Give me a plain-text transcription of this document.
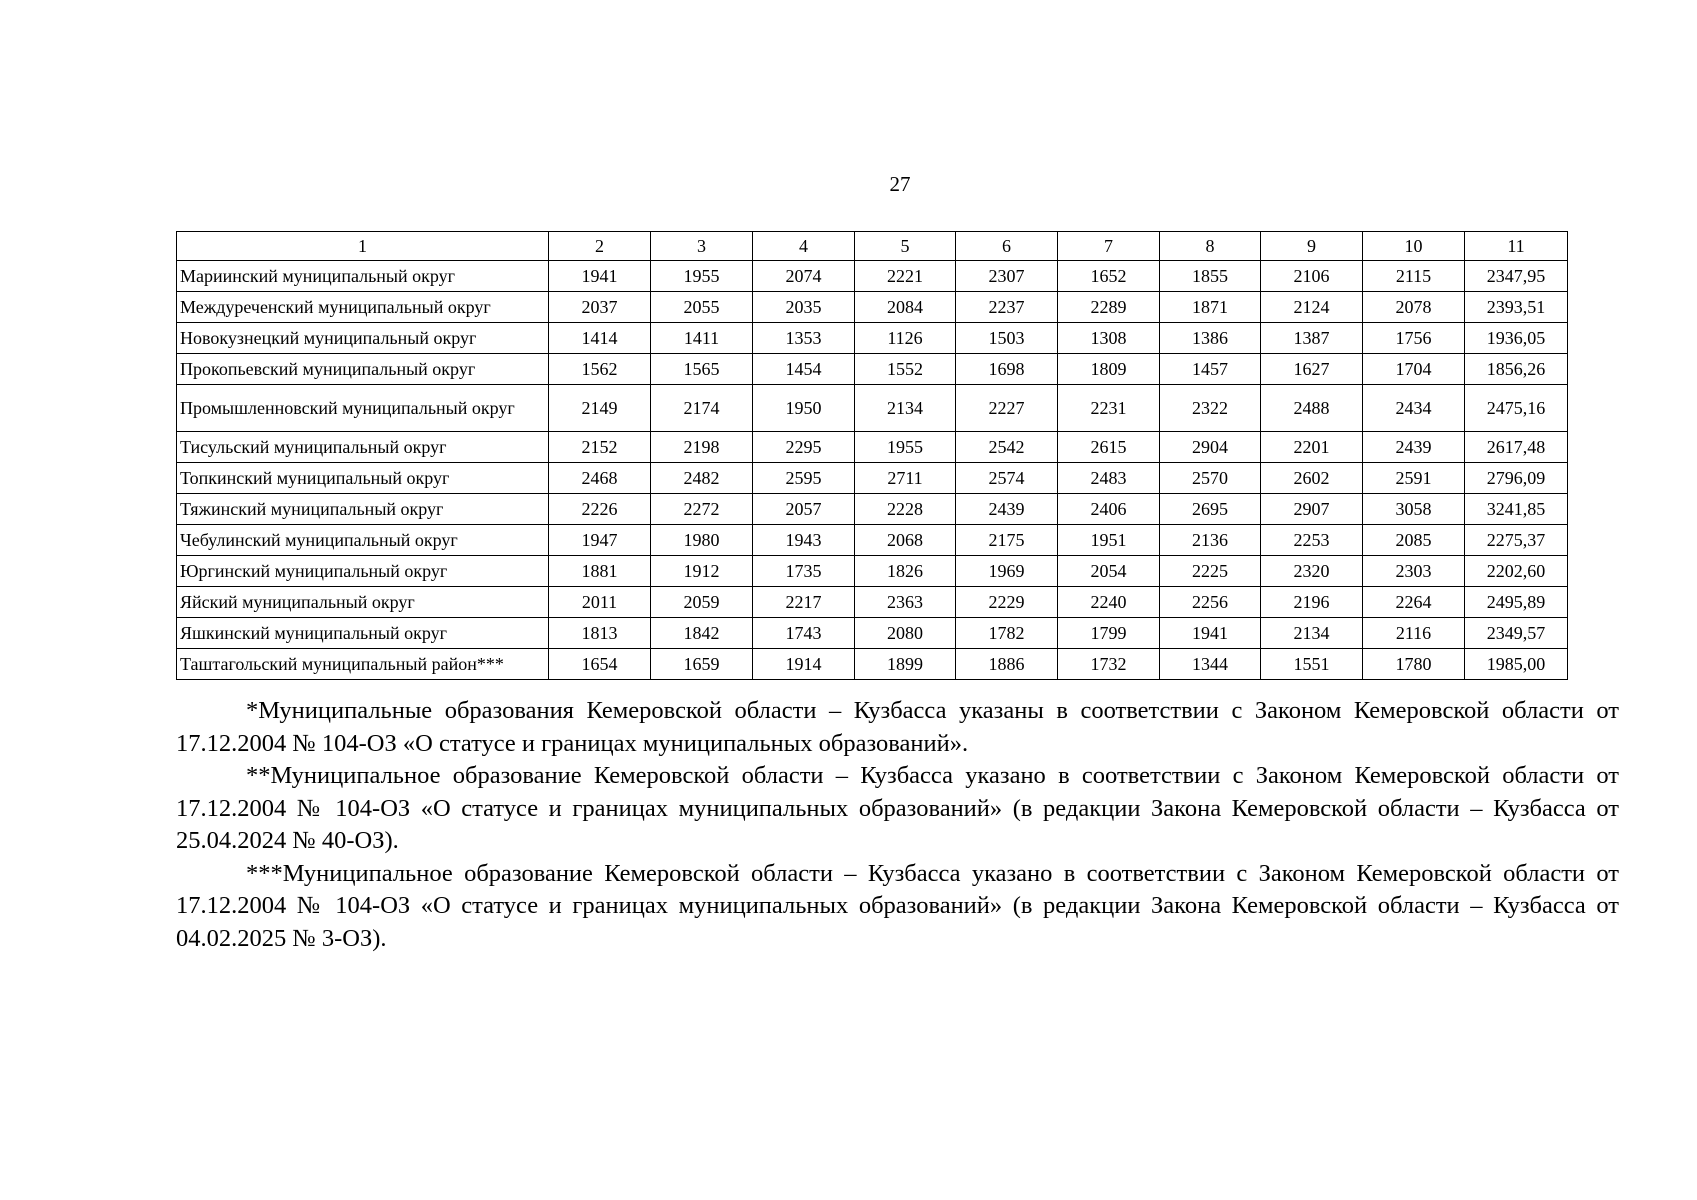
27
1	2	3	4	5	6	7	8	9	10	11
Мариинский муниципальный округ	1941	1955	2074	2221	2307	1652	1855	2106	2115	2347,95
Междуреченский муниципальный округ	2037	2055	2035	2084	2237	2289	1871	2124	2078	2393,51
Новокузнецкий муниципальный округ	1414	1411	1353	1126	1503	1308	1386	1387	1756	1936,05
Прокопьевский муниципальный округ	1562	1565	1454	1552	1698	1809	1457	1627	1704	1856,26
Промышленновский муниципальный округ	2149	2174	1950	2134	2227	2231	2322	2488	2434	2475,16
Тисульский муниципальный округ	2152	2198	2295	1955	2542	2615	2904	2201	2439	2617,48
Топкинский муниципальный округ	2468	2482	2595	2711	2574	2483	2570	2602	2591	2796,09
Тяжинский муниципальный округ	2226	2272	2057	2228	2439	2406	2695	2907	3058	3241,85
Чебулинский муниципальный округ	1947	1980	1943	2068	2175	1951	2136	2253	2085	2275,37
Юргинский муниципальный округ	1881	1912	1735	1826	1969	2054	2225	2320	2303	2202,60
Яйский муниципальный округ	2011	2059	2217	2363	2229	2240	2256	2196	2264	2495,89
Яшкинский муниципальный округ	1813	1842	1743	2080	1782	1799	1941	2134	2116	2349,57
Таштагольский муниципальный район***	1654	1659	1914	1899	1886	1732	1344	1551	1780	1985,00

*Муниципальные образования Кемеровской области – Кузбасса указаны в соответствии с Законом Кемеровской области от 17.12.2004 № 104-ОЗ «О статусе и границах муниципальных образований».

**Муниципальное образование Кемеровской области – Кузбасса указано в соответствии с Законом Кемеровской области от 17.12.2004 № 104-ОЗ «О статусе и границах муниципальных образований» (в редакции Закона Кемеровской области – Кузбасса от 25.04.2024 № 40-ОЗ).

***Муниципальное образование Кемеровской области – Кузбасса указано в соответствии с Законом Кемеровской области от 17.12.2004 № 104-ОЗ «О статусе и границах муниципальных образований» (в редакции Закона Кемеровской области – Кузбасса от 04.02.2025 № 3-ОЗ).
